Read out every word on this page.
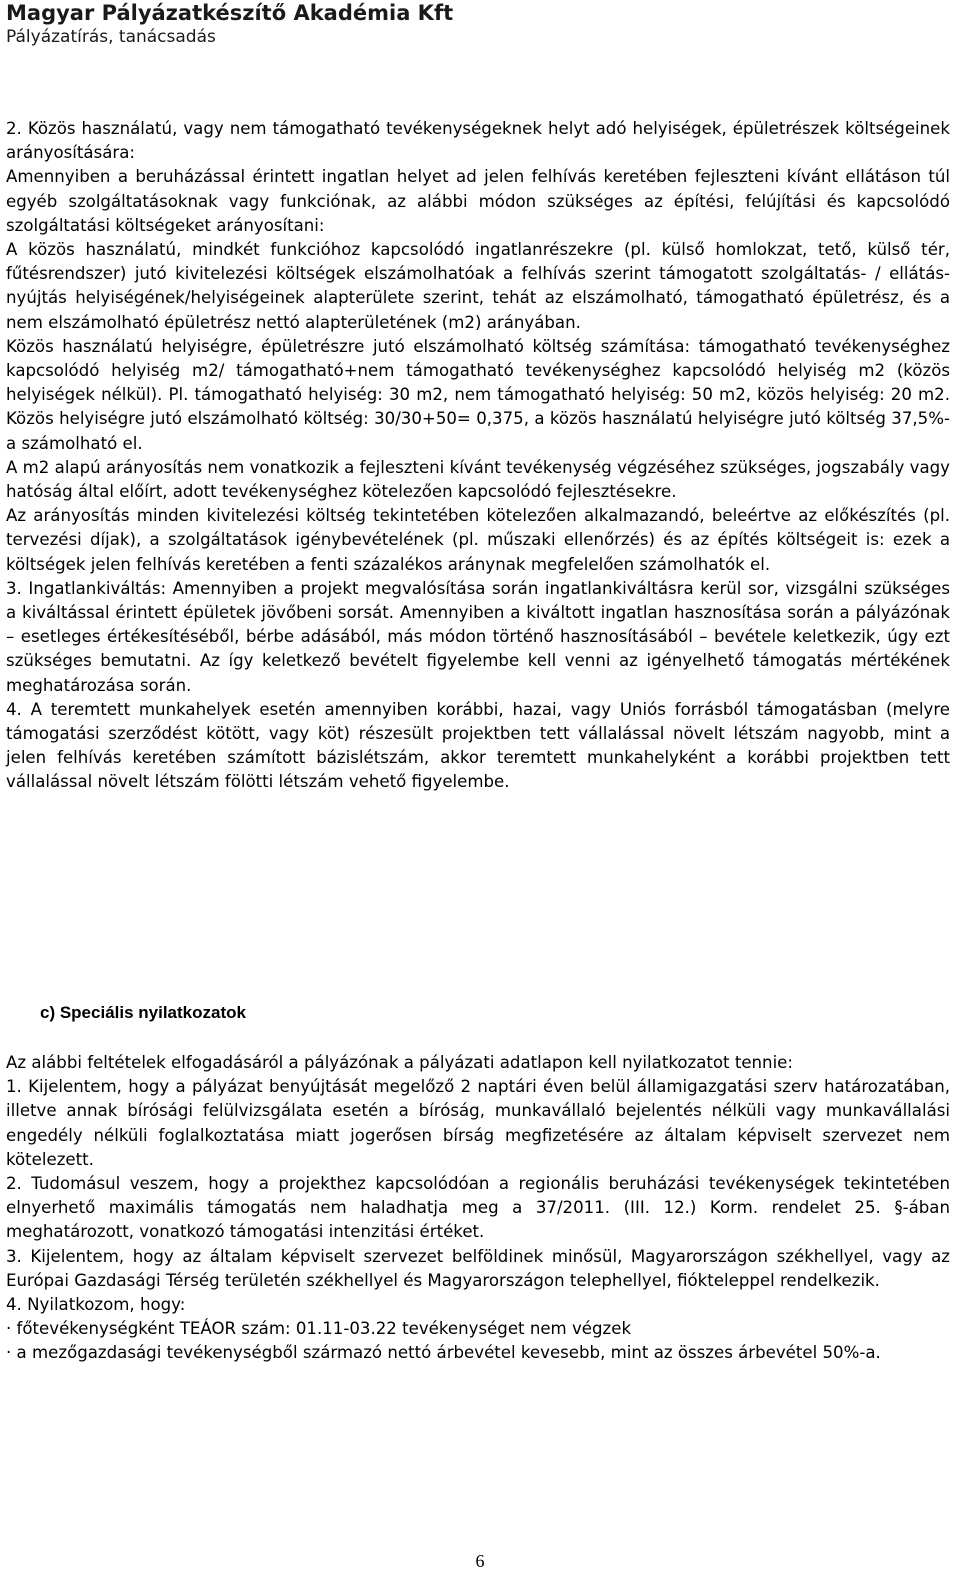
Magyar Pályázatkészítő Akadémia Kft
Pályázatírás, tanácsadás

2. Közös használatú, vagy nem támogatható tevékenységeknek helyt adó helyiségek, épületrészek költségeinek arányosítására:

Amennyiben a beruházással érintett ingatlan helyet ad jelen felhívás keretében fejleszteni kívánt ellátáson túl egyéb szolgáltatásoknak vagy funkciónak, az alábbi módon szükséges az építési, felújítási és kapcsolódó szolgáltatási költségeket arányosítani:

A közös használatú, mindkét funkcióhoz kapcsolódó ingatlanrészekre (pl. külső homlokzat, tető, külső tér, fűtésrendszer) jutó kivitelezési költségek elszámolhatóak a felhívás szerint támogatott szolgáltatás- / ellátás-nyújtás helyiségének/helyiségeinek alapterülete szerint, tehát az elszámolható, támogatható épületrész, és a nem elszámolható épületrész nettó alapterületének (m2) arányában.

Közös használatú helyiségre, épületrészre jutó elszámolható költség számítása: támogatható tevékenységhez kapcsolódó helyiség m2/ támogatható+nem támogatható tevékenységhez kapcsolódó helyiség m2 (közös helyiségek nélkül). Pl. támogatható helyiség: 30 m2, nem támogatható helyiség: 50 m2, közös helyiség: 20 m2. Közös helyiségre jutó elszámolható költség: 30/30+50= 0,375, a közös használatú helyiségre jutó költség 37,5%-a számolható el.

A m2 alapú arányosítás nem vonatkozik a fejleszteni kívánt tevékenység végzéséhez szükséges, jogszabály vagy hatóság által előírt, adott tevékenységhez kötelezően kapcsolódó fejlesztésekre.

Az arányosítás minden kivitelezési költség tekintetében kötelezően alkalmazandó, beleértve az előkészítés (pl. tervezési díjak), a szolgáltatások igénybevételének (pl. műszaki ellenőrzés) és az építés költségeit is: ezek a költségek jelen felhívás keretében a fenti százalékos aránynak megfelelően számolhatók el.

3. Ingatlankiváltás: Amennyiben a projekt megvalósítása során ingatlankiváltásra kerül sor, vizsgálni szükséges a kiváltással érintett épületek jövőbeni sorsát. Amennyiben a kiváltott ingatlan hasznosítása során a pályázónak – esetleges értékesítéséből, bérbe adásából, más módon történő hasznosításából – bevétele keletkezik, úgy ezt szükséges bemutatni. Az így keletkező bevételt figyelembe kell venni az igényelhető támogatás mértékének meghatározása során.

4. A teremtett munkahelyek esetén amennyiben korábbi, hazai, vagy Uniós forrásból támogatásban (melyre támogatási szerződést kötött, vagy köt) részesült projektben tett vállalással növelt létszám nagyobb, mint a jelen felhívás keretében számított bázislétszám, akkor teremtett munkahelyként a korábbi projektben tett vállalással növelt létszám fölötti létszám vehető figyelembe.

c) Speciális nyilatkozatok

Az alábbi feltételek elfogadásáról a pályázónak a pályázati adatlapon kell nyilatkozatot tennie:

1. Kijelentem, hogy a pályázat benyújtását megelőző 2 naptári éven belül államigazgatási szerv határozatában, illetve annak bírósági felülvizsgálata esetén a bíróság, munkavállaló bejelentés nélküli vagy munkavállalási engedély nélküli foglalkoztatása miatt jogerősen bírság megfizetésére az általam képviselt szervezet nem kötelezett.

2. Tudomásul veszem, hogy a projekthez kapcsolódóan a regionális beruházási tevékenységek tekintetében elnyerhető maximális támogatás nem haladhatja meg a 37/2011. (III. 12.) Korm. rendelet 25. §-ában meghatározott, vonatkozó támogatási intenzitási értéket.

3. Kijelentem, hogy az általam képviselt szervezet belföldinek minősül, Magyarországon székhellyel, vagy az Európai Gazdasági Térség területén székhellyel és Magyarországon telephellyel, fiókteleppel rendelkezik.

4. Nyilatkozom, hogy:

· főtevékenységként TEÁOR szám: 01.11-03.22 tevékenységet nem végzek

· a mezőgazdasági tevékenységből származó nettó árbevétel kevesebb, mint az összes árbevétel 50%-a.

6
